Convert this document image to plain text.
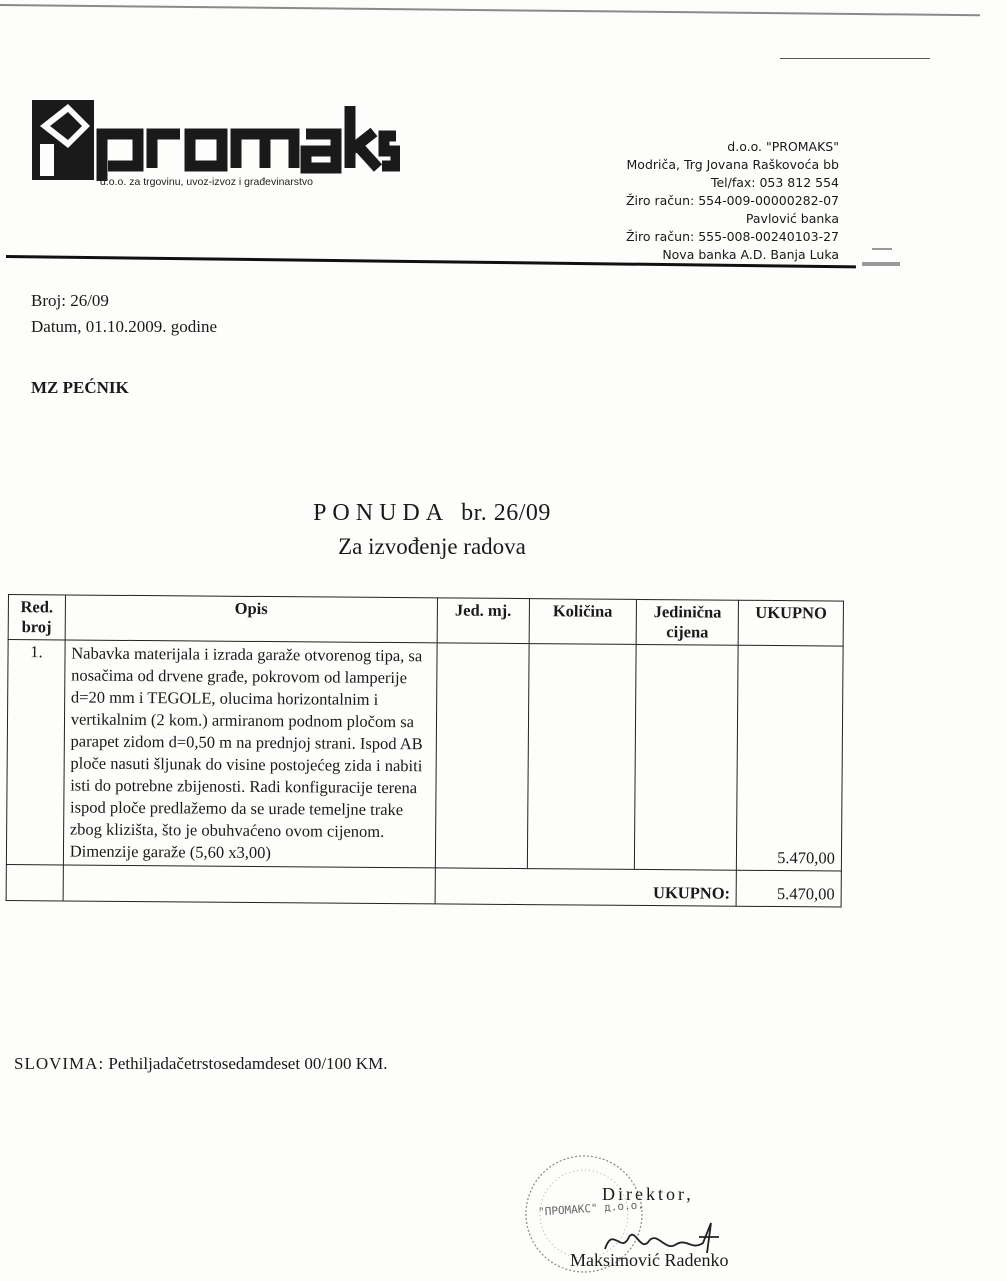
d.o.o. za trgovinu, uvoz-izvoz i građevinarstvo
d.o.o. "PROMAKS"
Modriča, Trg Jovana Raškovoća bb
Tel/fax: 053 812 554
Žiro račun: 554-009-00000282-07
Pavlović banka
Žiro račun: 555-008-00240103-27
Nova banka A.D. Banja Luka
Broj: 26/09
Datum, 01.10.2009. godine
MZ PEĆNIK
PONUDA br. 26/09
Za izvođenje radova
Red. broj	Opis	Jed. mj.	Količina	Jedinična cijena	UKUPNO
1.	Nabavka materijala i izrada garaže otvorenog tipa, sa nosačima od drvene građe, pokrovom od lamperije d=20 mm i TEGOLE, olucima horizontalnim i vertikalnim (2 kom.) armiranom podnom pločom sa parapet zidom d=0,50 m na prednjoj strani. Ispod AB ploče nasuti šljunak do visine postojećeg zida i nabiti isti do potrebne zbijenosti. Radi konfiguracije terena ispod ploče predlažemo da se urade temeljne trake zbog klizišta, što je obuhvaćeno ovom cijenom. Dimenzije garaže (5,60 x3,00)				5.470,00
		UKUPNO:			5.470,00
SLOVIMA: Pethiljadačetrstosedamdeset 00/100 KM.
"ПРОМАКС" д.о.о.
Direktor,
Maksimović Radenko
